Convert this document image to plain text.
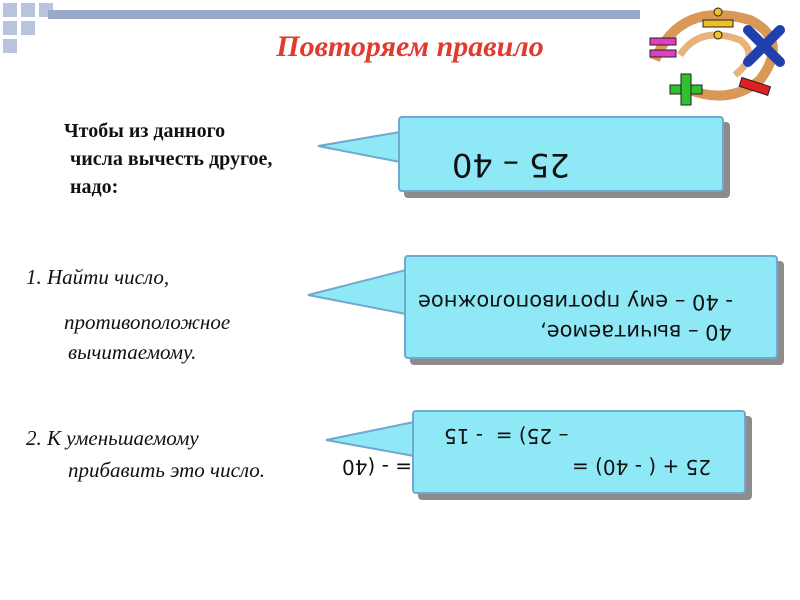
Повторяем правило
Чтобы из данного
числа вычесть другое,
надо:
1. Найти число,
противоположное
вычитаемому.
2. К уменьшаемому
прибавить это число.
25 – 40
- 40 – ему противоположное
40 – вычитаемое,
– 25) =  - 15
25 + ( - 40) =
= - (40
